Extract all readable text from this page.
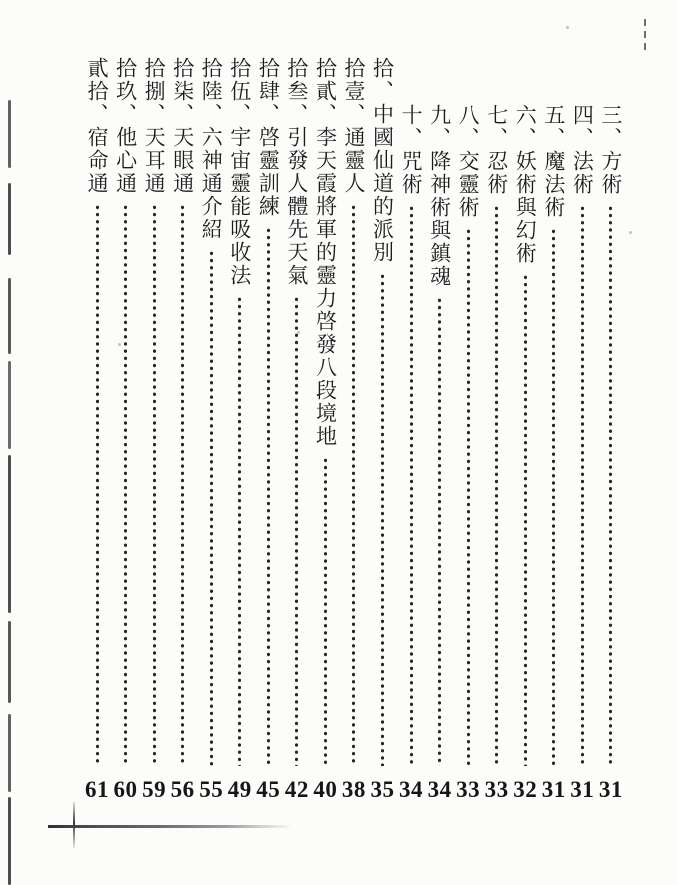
三、方術
31
四、法術
31
五、魔法術
31
六、妖術與幻術
32
七、忍術
33
八、交靈術
33
九、降神術與鎮魂
34
十、咒術
34
拾、中國仙道的派別
35
拾壹、通靈人
38
拾貳、李天霞將軍的靈力啓發八段境地
40
拾叁、引發人體先天氣
42
拾肆、啓靈訓練
45
拾伍、宇宙靈能吸收法
49
拾陸、六神通介紹
55
拾柒、天眼通
56
拾捌、天耳通
59
拾玖、他心通
60
貳拾、宿命通
61
